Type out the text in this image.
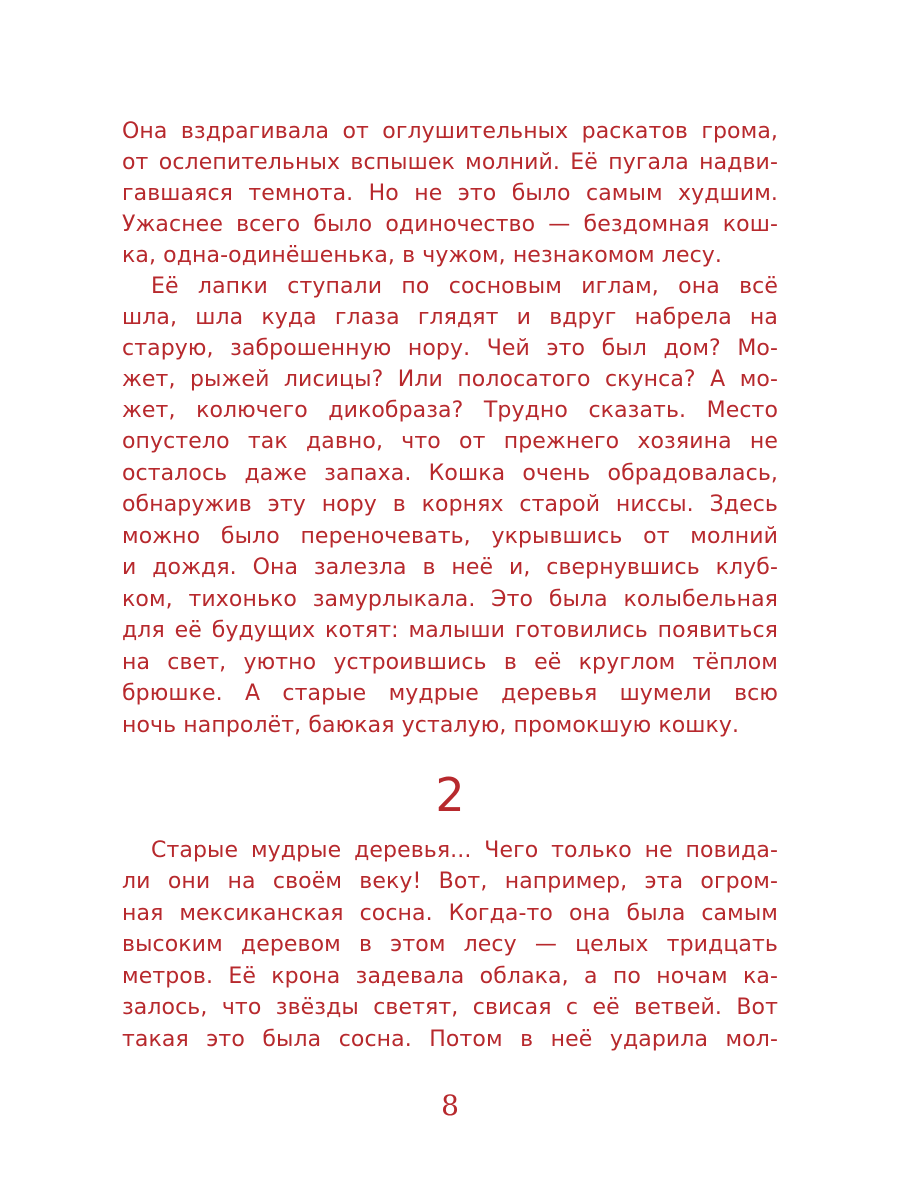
Она вздрагивала от оглушительных раскатов грома,
от ослепительных вспышек молний. Её пугала надви-
гавшаяся темнота. Но не это было самым худшим.
Ужаснее всего было одиночество — бездомная кош-
ка, одна-одинёшенька, в чужом, незнакомом лесу.
Её лапки ступали по сосновым иглам, она всё
шла, шла куда глаза глядят и вдруг набрела на
старую, заброшенную нору. Чей это был дом? Мо-
жет, рыжей лисицы? Или полосатого скунса? А мо-
жет, колючего дикобраза? Трудно сказать. Место
опустело так давно, что от прежнего хозяина не
осталось даже запаха. Кошка очень обрадовалась,
обнаружив эту нору в корнях старой ниссы. Здесь
можно было переночевать, укрывшись от молний
и дождя. Она залезла в неё и, свернувшись клуб-
ком, тихонько замурлыкала. Это была колыбельная
для её будущих котят: малыши готовились появиться
на свет, уютно устроившись в её круглом тёплом
брюшке. А старые мудрые деревья шумели всю
ночь напролёт, баюкая усталую, промокшую кошку.
2
Старые мудрые деревья... Чего только не повида-
ли они на своём веку! Вот, например, эта огром-
ная мексиканская сосна. Когда-то она была самым
высоким деревом в этом лесу — целых тридцать
метров. Её крона задевала облака, а по ночам ка-
залось, что звёзды светят, свисая с её ветвей. Вот
такая это была сосна. Потом в неё ударила мол-
8
